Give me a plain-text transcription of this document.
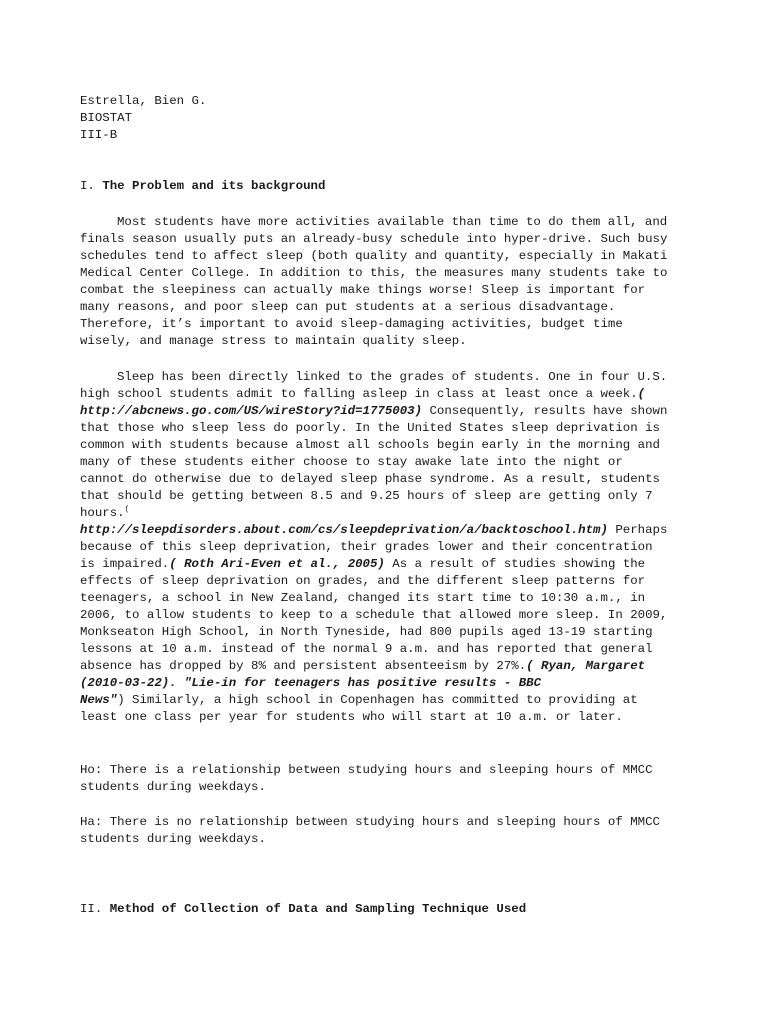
Estrella, Bien G.
BIOSTAT
III-B
I. The Problem and its background
Most students have more activities available than time to do them all, and
finals season usually puts an already-busy schedule into hyper-drive. Such busy
schedules tend to affect sleep (both quality and quantity, especially in Makati
Medical Center College. In addition to this, the measures many students take to
combat the sleepiness can actually make things worse! Sleep is important for
many reasons, and poor sleep can put students at a serious disadvantage.
Therefore, it’s important to avoid sleep-damaging activities, budget time
wisely, and manage stress to maintain quality sleep.
Sleep has been directly linked to the grades of students. One in four U.S.
high school students admit to falling asleep in class at least once a week.(
http://abcnews.go.com/US/wireStory?id=1775003) Consequently, results have shown
that those who sleep less do poorly. In the United States sleep deprivation is
common with students because almost all schools begin early in the morning and
many of these students either choose to stay awake late into the night or
cannot do otherwise due to delayed sleep phase syndrome. As a result, students
that should be getting between 8.5 and 9.25 hours of sleep are getting only 7
hours.(
http://sleepdisorders.about.com/cs/sleepdeprivation/a/backtoschool.htm) Perhaps
because of this sleep deprivation, their grades lower and their concentration
is impaired.( Roth Ari-Even et al., 2005) As a result of studies showing the
effects of sleep deprivation on grades, and the different sleep patterns for
teenagers, a school in New Zealand, changed its start time to 10:30 a.m., in
2006, to allow students to keep to a schedule that allowed more sleep. In 2009,
Monkseaton High School, in North Tyneside, had 800 pupils aged 13-19 starting
lessons at 10 a.m. instead of the normal 9 a.m. and has reported that general
absence has dropped by 8% and persistent absenteeism by 27%.( Ryan, Margaret
(2010-03-22). "Lie-in for teenagers has positive results - BBC
News") Similarly, a high school in Copenhagen has committed to providing at
least one class per year for students who will start at 10 a.m. or later.
Ho: There is a relationship between studying hours and sleeping hours of MMCC
students during weekdays.
Ha: There is no relationship between studying hours and sleeping hours of MMCC
students during weekdays.
II. Method of Collection of Data and Sampling Technique Used
